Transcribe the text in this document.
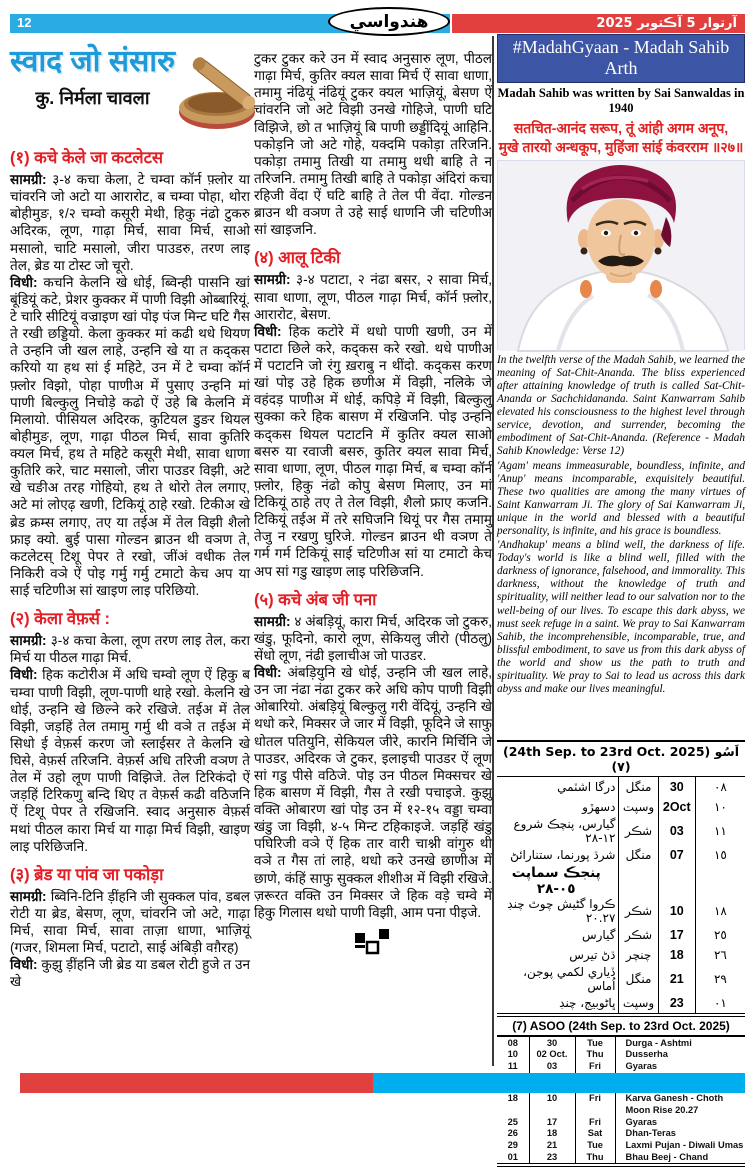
12	هندواسي	آرتوار 5 آڪتوبر 2025
स्वाद जो संसारु
कु. निर्मला चावला
(१) कचे केले जा कटलेटस

सामग्री: ३-४ कचा केला, टे चम्वा कॉर्न फ़्लोर या चांवरनि जो अटो या आरारोट, ब चम्वा पोहा, थोरा बोहीमुङ, १/२ चम्वो कसूरी मेथी, हिकु नंढो टुकरु अदिरक, लूण, गाढ़ा मिर्च, सावा मिर्च, साओ मसालो, चाटि मसालो, जीरा पाउडरु, तरण लाइ तेल, ब्रेड या टोस्ट जो चूरो.

विधी: कचनि केलनि खे धोई, ब्विन्ही पासनि खां बूंडियूं कटे, प्रेशर कुक्कर में पाणी विझी ओब्बारियूं. टे चारि सीटियूं वज्राइण खां पोइ पंज मिन्ट घटि गैस ते रखी छड्डियो. केला कुक्कर मां कढी थधे थियण ते उन्हनि जी खल लाहे, उन्हनि खे या त कद्कस करियो या हथ सां ई महिटे, उन में टे चम्वा कॉर्न फ़्लोर विझो, पोहा पाणीअ में पुसाए उन्हनि मां पाणी बिल्कुलु निचोड़े कढो ऐं उहे बि केलनि में मिलायो. पीसियल अदिरक, कुटियल डुङर थियल बोहीमुङ, लूण, गाढ़ा पीठल मिर्च, सावा कुतिरि क्यल मिर्च, हथ ते महिटे कसूरी मेथी, सावा धाणा कुतिरि करे, चाट मसालो, जीरा पाउडर विझी, अटे खे चङीअ तरह गोहियो, हथ ते थोरो तेल लगाए, अटे मां लोएढ़ खणी, टिकियूं ठाहे रखो. टिकीअ खे ब्रेड क्रम्स लगाए, तए या तईअ में तेल विझी शैलो फ्राइ क्यो. बुई पासा गोल्डन ब्राउन थी वञण ते, कटलेटस् टिशू पेपर ते रखो, जींअं वधीक तेल निकिरी वञे ऐं पोइ गर्मु गर्मु टमाटो केच अप या साई चटिणीअ सां खाइण लाइ परिछियो.

(२) केला वेफ़र्स :

सामग्री: ३-४ कचा केला, लूण तरण लाइ तेल, करा मिर्च या पीठल गाढ़ा मिर्च.

विधी: हिक कटोरीअ में अधि चम्वो लूण ऐं हिकु ब चम्वा पाणी विझी, लूण-पाणी थाहे रखो. केलनि खे धोई, उन्हनि खे छिल्ने करे रखिजे. तईअ में तेल विझी, जड़हिं तेल तमामु गर्मु थी वञे त तईअ में सिधो ई वेफ़र्स करण जो स्लाईसर ते केलनि खे घिसे, वेफ़र्स तरिजनि. वेफ़र्स अधि तरिजी वञण ते तेल में उहो लूण पाणी विझिजे. तेल टिरिकंदो ऐं जड़हिं टिरिकणु बन्दि थिए त वेफ़र्स कढी वठिजनि ऐं टिशू पेपर ते रखिजनि. स्वाद अनुसारु वेफ़र्स मथां पीठल कारा मिर्च या गाढ़ा मिर्च विझी, खाइण लाइ परिछिजनि.

(३) ब्रेड या पांव जा पकोड़ा

सामग्री: ब्विनि-टिनि ड़ींहनि जी सुक्कल पांव, डबल रोटी या ब्रेड, बेसण, लूण, चांवरनि जो अटे, गाढ़ा मिर्च, सावा मिर्च, सावा ताज़ा धाणा, भाज़ियूं (गजर, शिमला मिर्च, पटाटो, साई अंबिड़ी वग़ैरह)

विधी: कुझु ड़ींहनि जी ब्रेड या डबल रोटी हुजे त उन खे

टुकर टुकर करे उन में स्वाद अनुसारु लूण, पीठल गाढ़ा मिर्च, कुतिर क्यल सावा मिर्च ऐं सावा धाणा, तमामु नंढियूं नंढियूं टुकर क्यल भाज़ियूं, बेसण ऐं चांवरनि जो अटे विझी उनखे गोहिजे, पाणी घटि विझिजे, छो त भाज़ियूं बि पाणी छड्डींदियूं आहिनि. पकोड़नि जो अटे गोहे, यक्दमि पकोड़ा तरिजनि. पकोड़ा तमामु तिखी या तमामु थधी बाहि ते न तरिजनि. तमामु तिखी बाहि ते पकोड़ा अंदिरां कचा रहिजी वेंदा ऐं घटि बाहि ते तेल पी वेंदा. गोल्डन ब्राउन थी वञण ते उहे साई धाणनि जी चटिणीअ सां खाइजनि.

(४) आलू टिकी

सामग्री: ३-४ पटाटा, २ नंढा बसर, २ सावा मिर्च, सावा धाणा, लूण, पीठल गाढ़ा मिर्च, कॉर्न फ़्लोर, आरारोट, बेसण.

विधी: हिक कटोरे में थधो पाणी खणी, उन में पटाटा छिले करे, कद्कस करे रखो. थधे पाणीअ में पटाटनि जो रंगु ख़राबु न थींदो. कद्कस करण खां पोइ उहे हिक छणीअ में विझी, नलिके जे वहंदड़ पाणीअ में धोई, कपिड़े में विझी, बिल्कुलु सुक्का करे हिक बासण में रखिजनि. पोइ उन्हनि कद्कस थियल पटाटनि में कुतिर क्यल साओ बसरु या रवाजी बसरु, कुतिर क्यल सावा मिर्च, सावा धाणा, लूण, पीठल गाढ़ा मिर्च, ब चम्वा कॉर्न फ़्लोर, हिकु नंढो कोपु बेसण मिलाए, उन मां टिकियूं ठाहे तए ते तेल विझी, शैलो फ्राए कजनि. टिकियूं तईअ में तरे सघिजनि थियूं पर गैस तमामु तेजु न रखणु घुरिजे. गोल्डन ब्राउन थी वञण ते गर्म गर्म टिकियूं साई चटिणीअ सां या टमाटो केच अप सां गडु खाइण लाइ परिछिजनि.

(५) कचे अंब जी पना

सामग्री: ४ अंबड़ियूं, कारा मिर्च, अदिरक जो टुकरु, खंडु, फूदिनो, कारो लूण, सेकियलु जीरो (पीठलु) सेंधो लूण, नंढी इलाचीअ जो पाउडर.

विधी: अंबड़ियुनि खे धोई, उन्हनि जी खल लाहे, उन जा नंढा नंढा टुकर करे अधि कोप पाणी विझी ओबारियो. अंबड़ियूं बिल्कुलु गरी वेंदियूं, उन्हनि खे थधो करे, मिक्सर जे जार में विझी, फूदिने जे साफु धोतल पतियुनि, सेकियल जीरे, कारनि मिर्चिनि जे पाउडर, अदिरक जे टुकर, इलाइची पाउडर ऐं लूण सां गडु पीसे वठिजे. पोइ उन पीठल मिक्सचर खे हिक बासण में विझी, गैस ते रखी पचाइजे. कुझु वक्ति ओबारण खां पोइ उन में १२-१५ वड्डा चम्वा खंडु जा विझी, ४-५ मिन्ट टहिकाइजे. जड़हिं खंडु पघिरिजी वञे ऐं हिक तार वारी चाश्नी वांगुरु थी वञे त गैस तां लाहे, थधो करे उनखे छाणीअ में छाणे, कंहिं साफु सुक्कल शीशीअ में विझी रखिजे. ज़रूरत वक्ति उन मिक्सर जे हिक वड़े चम्वे में हिकु गिलास थधो पाणी विझी, आम पना पीइजे.

#MadahGyaan - Madah Sahib Arth
Madah Sahib was written by Sai Sanwaldas in 1940
सतचित-आनंद सरूप, तूं आंही अगम अनूप,
मुखे तारयो अन्धकूप, मुहिंजा सांई कंवरराम ॥२७॥

In the twelfth verse of the Madah Sahib, we learned the meaning of Sat-Chit-Ananda. The bliss experienced after attaining knowledge of truth is called Sat-Chit-Ananda or Sachchidananda. Saint Kanwarram Sahib elevated his consciousness to the highest level through service, devotion, and surrender, becoming the embodiment of Sat-Chit-Ananda. (Reference - Madah Sahib Knowledge: Verse 12)

'Agam' means immeasurable, boundless, infinite, and 'Anup' means incomparable, exquisitely beautiful. These two qualities are among the many virtues of Saint Kanwarram Ji. The glory of Sai Kanwarram Ji, unique in the world and blessed with a beautiful personality, is infinite, and his grace is boundless.

'Andhakup' means a blind well, the darkness of life. Today's world is like a blind well, filled with the darkness of ignorance, falsehood, and immorality. This darkness, without the knowledge of truth and spirituality, will neither lead to our salvation nor to the well-being of our lives. To escape this dark abyss, we must seek refuge in a saint. We pray to Sai Kanwarram Sahib, the incomprehensible, incomparable, true, and blissful embodiment, to save us from this dark abyss of the world and show us the path to truth and spirituality. We pray to Sai to lead us across this dark abyss and make our lives meaningful.

(24th Sep. to 23rd Oct. 2025) اَسُو (٧)
درگا اشٽمي	منگل	30	٠٨
دسهڙو	وسپت	2Oct	١٠
گيارس، پنچڪ شروع ١٢-٢٨	شڪر	03	١١
شرڌ پورنما، ستنارائڻ	منگل	07	١٥
پنجڪ سماپت ٠٥-٢٨			
ڪروا گڻيش چوٿ چنڊ ٢٠.٢٧	شڪر	10	١٨
گيارس	شڪر	17	٢٥
ڌڻ تيرس	چنچر	18	٢٦
ڏياري لکمي پوجن، اُماس	منگل	21	٢٩
ڀاڻوبيج، چنڊ	وسپت	23	٠١
(7) ASOO (24th Sep. to 23rd Oct. 2025)
08	30	Tue	Durga - Ashtmi
10	02 Oct.	Thu	Dusserha
11	03	Fri	Gyaras

18	10	Fri	Karva Ganesh - Choth
			Moon Rise 20.27
25	17	Fri	Gyaras
26	18	Sat	Dhan-Teras
29	21	Tue	Laxmi Pujan - Diwali Umas
01	23	Thu	Bhau Beej - Chand
